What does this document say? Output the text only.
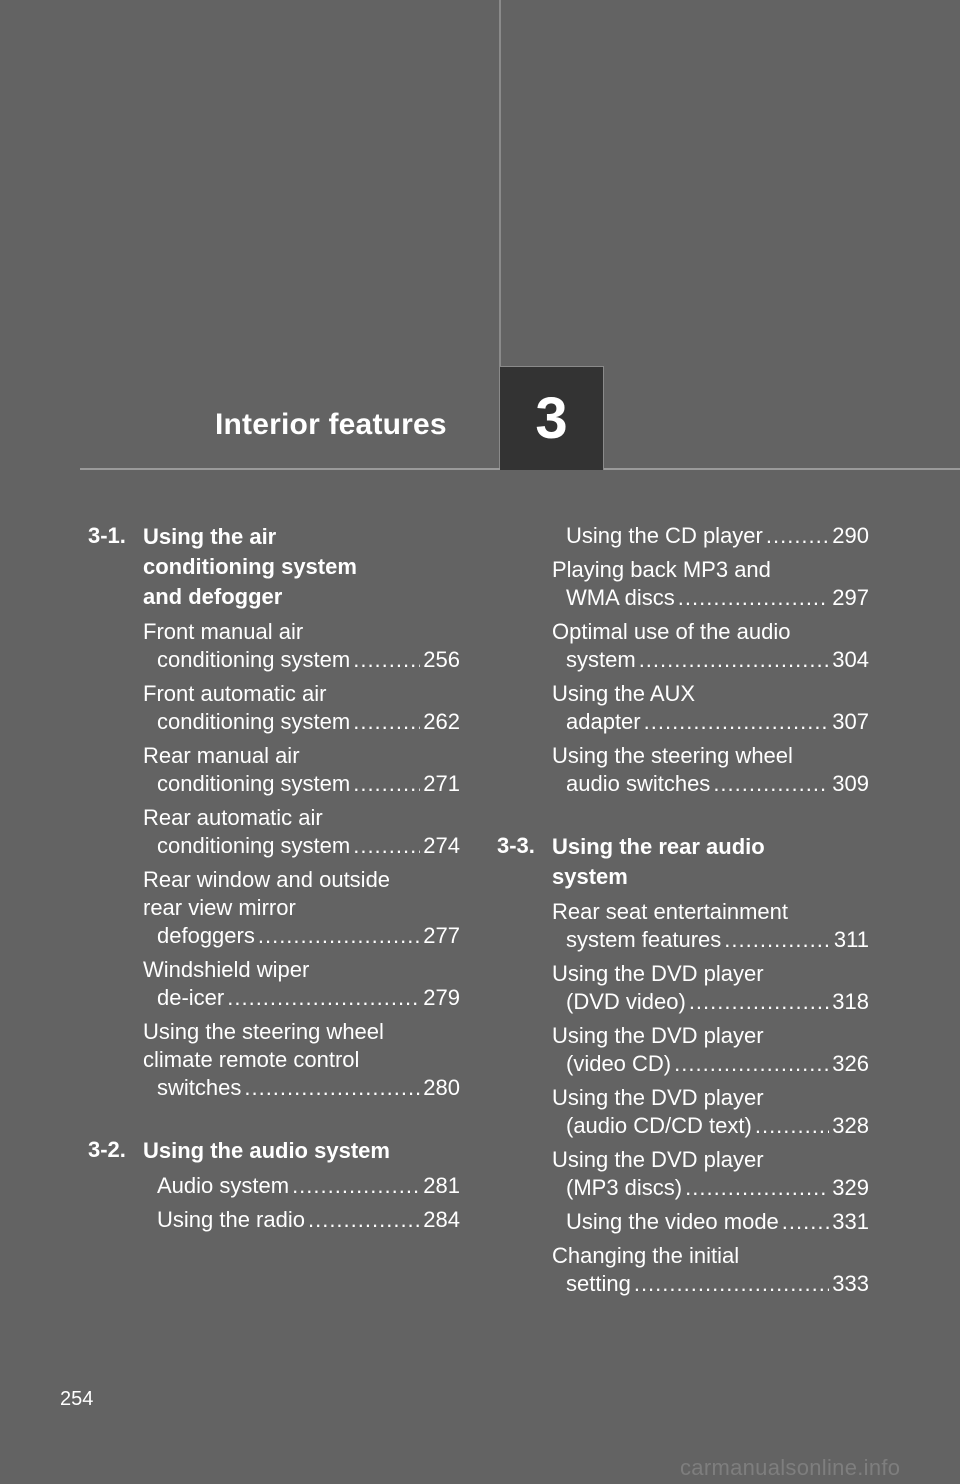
Interior features 3
3-1. Using the air
conditioning system
and defogger
Front manual air
conditioning system .....	256
Front automatic air
conditioning system .....	262
Rear manual air
conditioning system .....	271
Rear automatic air
conditioning system .....	274
Rear window and outside
rear view mirror
defoggers .....	277
Windshield wiper
de-icer .....	279
Using the steering wheel
climate remote control
switches .....	280
3-2. Using the audio system
Audio system .....	281
Using the radio .....	284
Using the CD player .....	290
Playing back MP3 and
WMA discs .....	297
Optimal use of the audio
system .....	304
Using the AUX
adapter .....	307
Using the steering wheel
audio switches .....	309
3-3. Using the rear audio
system
Rear seat entertainment
system features .....	311
Using the DVD player
(DVD video) .....	318
Using the DVD player
(video CD) .....	326
Using the DVD player
(audio CD/CD text) .....	328
Using the DVD player
(MP3 discs) .....	329
Using the video mode ..... 331
Changing the initial
setting .....	333
254
carmanualsonline.info
